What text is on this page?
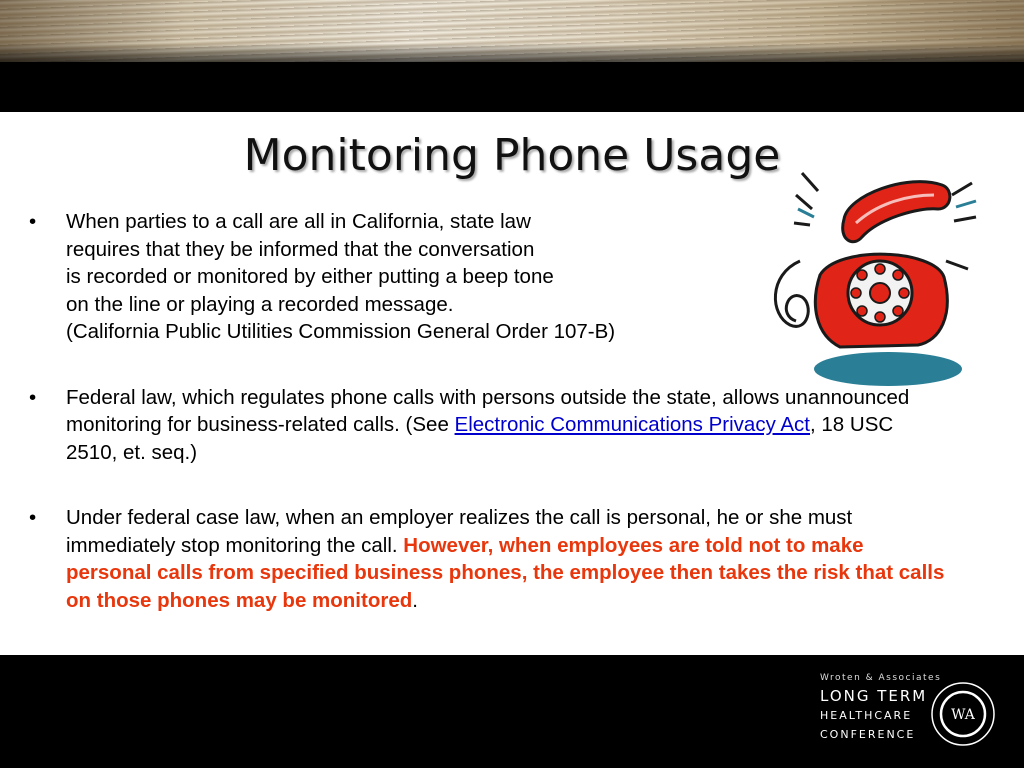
Monitoring Phone Usage
• When parties to a call are all in California, state law
requires that they be informed that the conversation
is recorded or monitored by either putting a beep tone
on the line or playing a recorded message.
(California Public Utilities Commission General Order 107-B)
• Federal law, which regulates phone calls with persons outside the state, allows unannounced monitoring for business-related calls. (See Electronic Communications Privacy Act, 18 USC 2510, et. seq.)
• Under federal case law, when an employer realizes the call is personal, he or she must immediately stop monitoring the call. However, when employees are told not to make personal calls from specified business phones, the employee then takes the risk that calls on those phones may be monitored.
Wroten & Associates
LONG TERM
HEALTHCARE
CONFERENCE
WA
